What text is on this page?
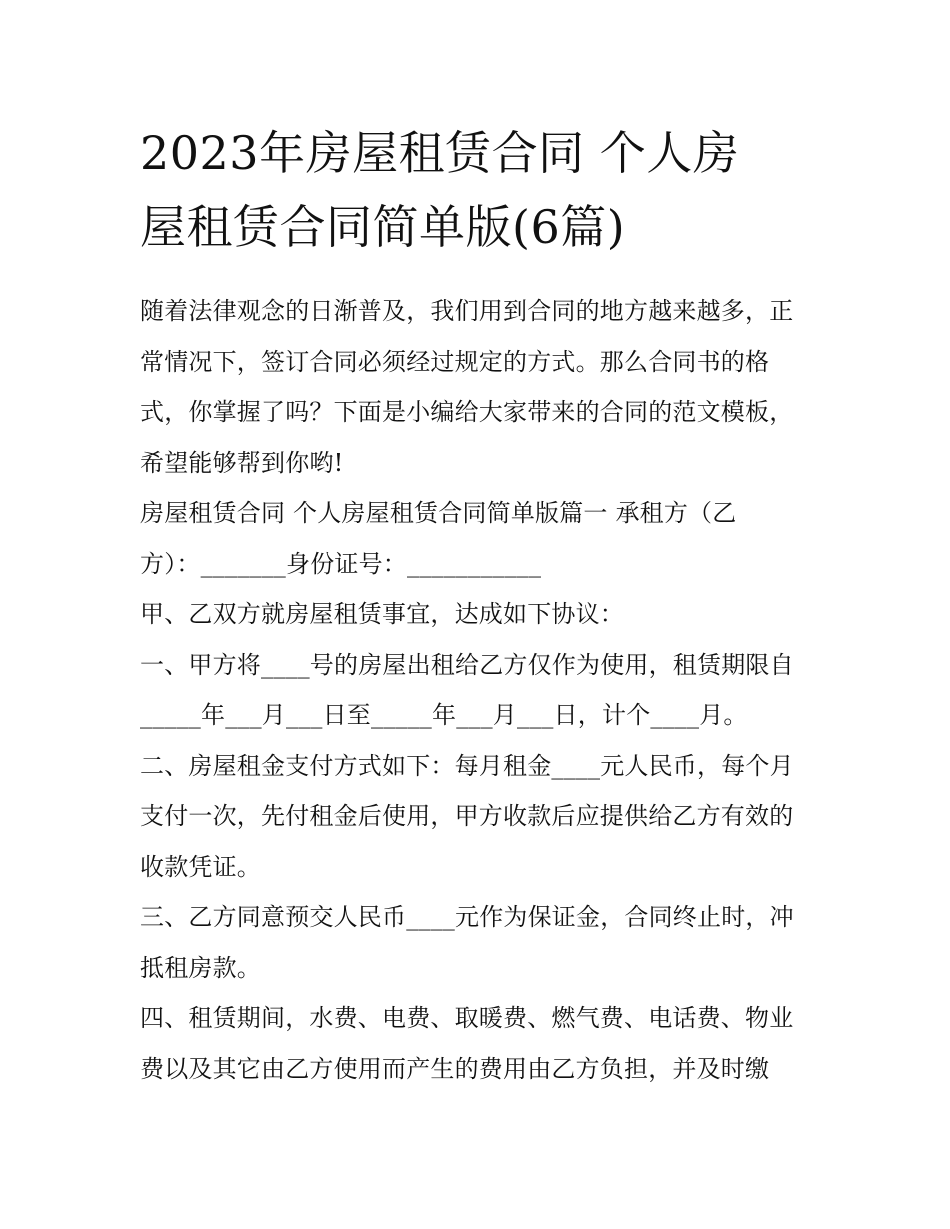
2023年房屋租赁合同 个人房
屋租赁合同简单版(6篇)

随着法律观念的日渐普及，我们用到合同的地方越来越多，正
常情况下，签订合同必须经过规定的方式。那么合同书的格
式，你掌握了吗？下面是小编给大家带来的合同的范文模板，
希望能够帮到你哟!

房屋租赁合同 个人房屋租赁合同简单版篇一 承租方（乙
方）：_______身份证号：___________

甲、乙双方就房屋租赁事宜，达成如下协议：

一、甲方将____号的房屋出租给乙方仅作为使用，租赁期限自
_____年___月___日至_____年___月___日，计个____月。

二、房屋租金支付方式如下：每月租金____元人民币，每个月
支付一次，先付租金后使用，甲方收款后应提供给乙方有效的
收款凭证。

三、乙方同意预交人民币____元作为保证金，合同终止时，冲
抵租房款。

四、租赁期间，水费、电费、取暖费、燃气费、电话费、物业
费以及其它由乙方使用而产生的费用由乙方负担，并及时缴
